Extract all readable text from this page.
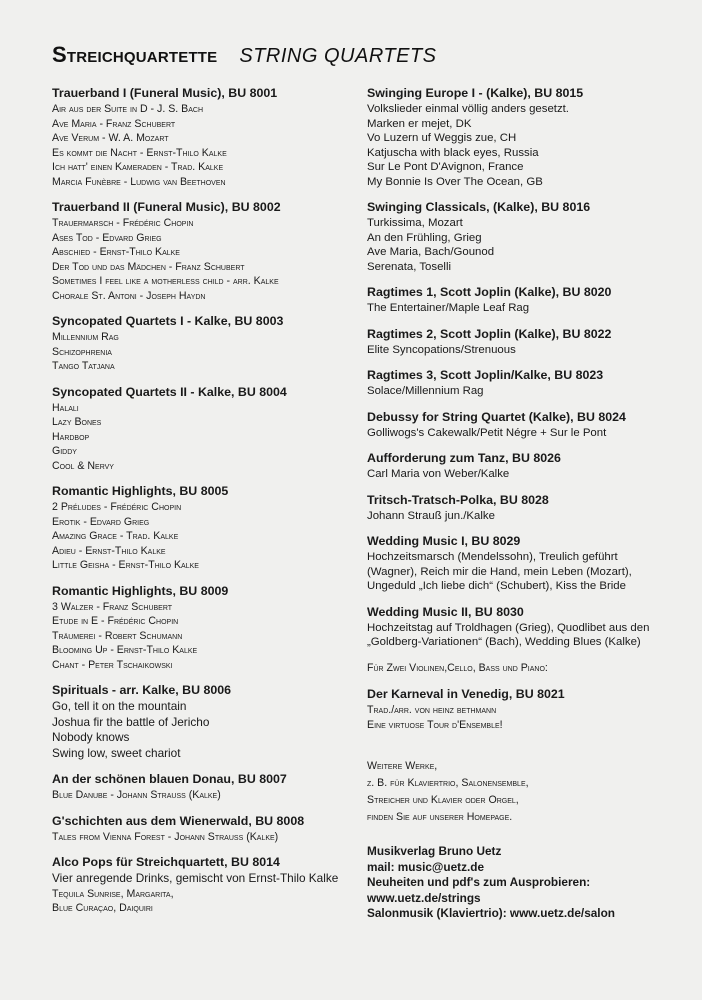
Streichquartette STRING QUARTETS
Trauerband I (Funeral Music), BU 8001
Air aus der Suite in D - J. S. Bach
Ave Maria - Franz Schubert
Ave Verum - W. A. Mozart
Es kommt die Nacht - Ernst-Thilo Kalke
Ich hatt' einen Kameraden - Trad. Kalke
Marcia Funèbre - Ludwig van Beethoven
Trauerband II (Funeral Music), BU 8002
Trauermarsch - Frédéric Chopin
Ases Tod - Edvard Grieg
Abschied - Ernst-Thilo Kalke
Der Tod und das Mädchen - Franz Schubert
Sometimes I feel like a motherless child - arr. Kalke
Chorale St. Antoni - Joseph Haydn
Syncopated Quartets I - Kalke, BU 8003
Millennium Rag
Schizophrenia
Tango Tatjana
Syncopated Quartets II - Kalke, BU 8004
Halali
Lazy Bones
Hardbop
Giddy
Cool & Nervy
Romantic Highlights, BU 8005
2 Préludes - Frédéric Chopin
Erotik - Edvard Grieg
Amazing Grace - Trad. Kalke
Adieu - Ernst-Thilo Kalke
Little Geisha - Ernst-Thilo Kalke
Romantic Highlights, BU 8009
3 Walzer - Franz Schubert
Etude in E - Frédéric Chopin
Träumerei - Robert Schumann
Blooming Up - Ernst-Thilo Kalke
Chant - Peter Tschaikowski
Spirituals - arr. Kalke, BU 8006
Go, tell it on the mountain
Joshua fir the battle of Jericho
Nobody knows
Swing low, sweet chariot
An der schönen blauen Donau, BU 8007
Blue Danube - Johann Strauß (Kalke)
G'schichten aus dem Wienerwald, BU 8008
Tales from Vienna Forest - Johann Strauß (Kalke)
Alco Pops für Streichquartett, BU 8014
Vier anregende Drinks, gemischt von Ernst-Thilo Kalke
Tequila Sunrise, Margarita,
Blue Curaçao, Daiquiri
Swinging Europe I - (Kalke), BU 8015
Volkslieder einmal völlig anders gesetzt.
Marken er mejet, DK
Vo Luzern uf Weggis zue, CH
Katjuscha with black eyes, Russia
Sur Le Pont D'Avignon, France
My Bonnie Is Over The Ocean, GB
Swinging Classicals, (Kalke), BU 8016
Turkissima, Mozart
An den Frühling, Grieg
Ave Maria, Bach/Gounod
Serenata, Toselli
Ragtimes 1, Scott Joplin (Kalke), BU 8020
The Entertainer/Maple Leaf Rag
Ragtimes 2, Scott Joplin (Kalke), BU 8022
Elite Syncopations/Strenuous
Ragtimes 3, Scott Joplin/Kalke, BU 8023
Solace/Millennium Rag
Debussy for String Quartet (Kalke), BU 8024
Golliwogs's Cakewalk/Petit Négre + Sur le Pont
Aufforderung zum Tanz, BU 8026
Carl Maria von Weber/Kalke
Tritsch-Tratsch-Polka, BU 8028
Johann Strauß jun./Kalke
Wedding Music I, BU 8029
Hochzeitsmarsch (Mendelssohn), Treulich geführt
(Wagner), Reich mir die Hand, mein Leben (Mozart),
Ungeduld „Ich liebe dich“ (Schubert), Kiss the Bride
Wedding Music II, BU 8030
Hochzeitstag auf Troldhagen (Grieg), Quodlibet aus den
„Goldberg-Variationen“ (Bach), Wedding Blues (Kalke)
Für Zwei Violinen,Cello, Bass und Piano:
Der Karneval in Venedig, BU 8021
Trad./arr. von heinz bethmann
Eine virtuose Tour d'Ensemble!
Weitere Werke,
z. B. für Klaviertrio, Salonensemble,
Streicher und Klavier oder Orgel,
finden Sie auf unserer Homepage.
Musikverlag Bruno Uetz
mail: music@uetz.de
Neuheiten und pdf's zum Ausprobieren:
www.uetz.de/strings
Salonmusik (Klaviertrio): www.uetz.de/salon
